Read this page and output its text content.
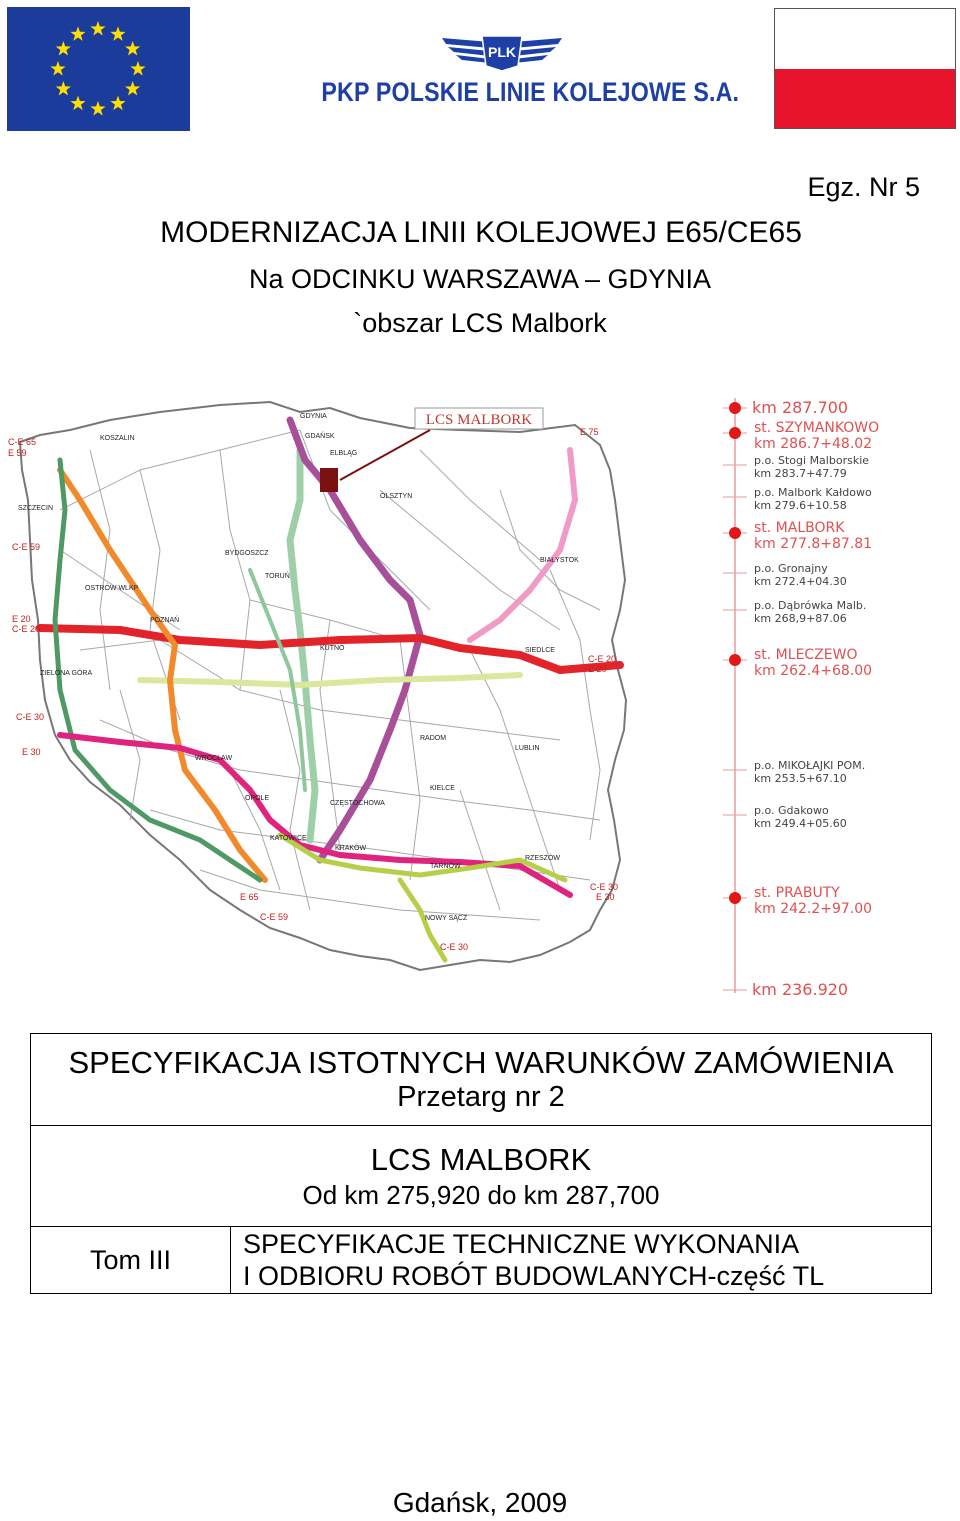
PLK
PKP POLSKIE LINIE KOLEJOWE S.A.
Egz. Nr 5
MODERNIZACJA LINII KOLEJOWEJ E65/CE65
Na ODCINKU WARSZAWA – GDYNIA
`obszar LCS Malbork
C-E 65
E 59
C-E 59
E 20
C-E 20
C-E 30
E 30
C-E 20
E 20
C-E 30
E 30
E 75
E 65
C-E 59
C-E 30
GDYNIA
GDAŃSK
KOSZALIN
SZCZECIN
ELBLĄG
OLSZTYN
BYDGOSZCZ
TORUŃ
BIAŁYSTOK
POZNAŃ
KUTNO	SIEDLCE
ZIELONA GÓRA
OSTRÓW WLKP
RADOM
LUBLIN
WROCŁAW
OPOLE
KIELCE
CZĘSTOCHOWA
KATOWICE
KRAKÓW
TARNÓW
RZESZÓW
NOWY SĄCZ
LCS MALBORK
km 287.700
st. SZYMANKOWO
km 286.7+48.02
p.o. Stogi Malborskie
km 283.7+47.79
p.o. Malbork Kałdowo
km 279.6+10.58
st. MALBORK
km 277.8+87.81
p.o. Gronajny
km 272.4+04.30
p.o. Dąbrówka Malb.
km 268,9+87.06
st. MLECZEWO
km 262.4+68.00
p.o. MIKOŁAJKI POM.
km 253.5+67.10
p.o. Gdakowo
km 249.4+05.60
st. PRABUTY
km 242.2+97.00
km 236.920
SPECYFIKACJA ISTOTNYCH WARUNKÓW ZAMÓWIENIA
Przetarg nr 2
LCS MALBORK
Od km 275,920 do km 287,700
Tom III
SPECYFIKACJE TECHNICZNE WYKONANIA
I ODBIORU ROBÓT BUDOWLANYCH-część TL
Gdańsk, 2009
